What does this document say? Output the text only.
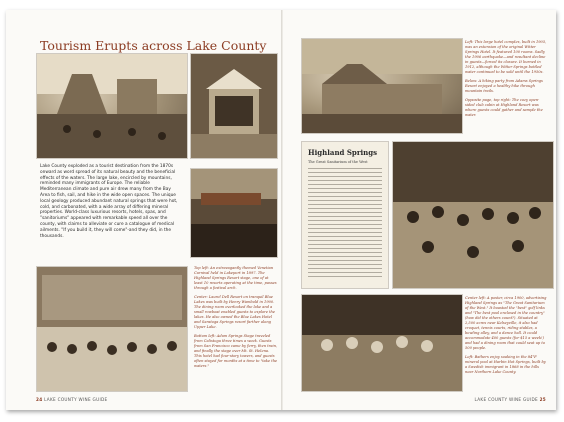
Tourism Erupts across Lake County
Lake County exploded as a tourist destination from the 1870s onward as word spread of its natural beauty and the beneficial effects of the waters. The large lake, encircled by mountains, reminded many immigrants of Europe. The reliable Mediterranean climate and pure air drew many from the Bay Area to fish, sail, and hike in the wide open spaces. The unique local geology produced abundant natural springs that were hot, cold, and carbonated, with a wide array of differing mineral properties. World-class luxurious resorts, hotels, spas, and "sanitoriums" appeared with remarkable speed all over the county, with claims to alleviate or cure a catalogue of medical ailments. "If you build it, they will come"-and they did, in the thousands.

Top left: An extravagantly themed Venetian Carnival held in Lakeport in 1897. The Highland Springs Resort stage, one of at least 10 resorts operating at the time, passes through a festival arch.

Center: Laurel Dell Resort on tranquil Blue Lakes was built by Henry Wambold in 1900. The dining room overlooked the lake and a small rowboat enabled guests to explore the lakes. He also owned the Blue Lakes Hotel and Saratoga Springs resort farther along Upper Lake.

Bottom left: Adam Springs Stage traveled from Calistoga three times a week. Guests from San Francisco came by ferry, then train, and finally the stage over Mt. St. Helena. This hotel had four-story towers, and guests often stayed for months at a time to "take the waters."

24 LAKE COUNTY WINE GUIDE

Left: This large hotel complex, built in 1905, was an extension of the original Witter Springs Hotel. It featured 100 rooms. Sadly the 1906 earthquake—and resultant decline in guests—forced its closure. It burned in 1912, although the Witter Springs bottled water continued to be sold until the 1950s.

Below: A hiking party from Adams Springs Resort enjoyed a healthy hike through mountain trails.

Opposite page, top right: The cozy open-sided club cabin at Highland Resort was where guests could gather and sample the water.

Highland Springs
The Great Sanitarium of the West

Center left: A poster, circa 1900, advertising Highland Springs as "The Great Sanitarium of the West." It boasted the "best" golf links and "The best pool enclosed in the country" (how did the others count?). Situated at 2,500 acres near Kelseyville, it also had croquet, tennis courts, riding stables, a bowling alley, and a dance hall. It could accommodate 400 guests (for $15 a week!) and had a dining room that could seat up to 500 people.

Left: Bathers enjoy soaking in the 84°F mineral pool at Harbin Hot Springs, built by a Swedish immigrant in 1868 in the hills near Northern Lake County.

LAKE COUNTY WINE GUIDE 25
